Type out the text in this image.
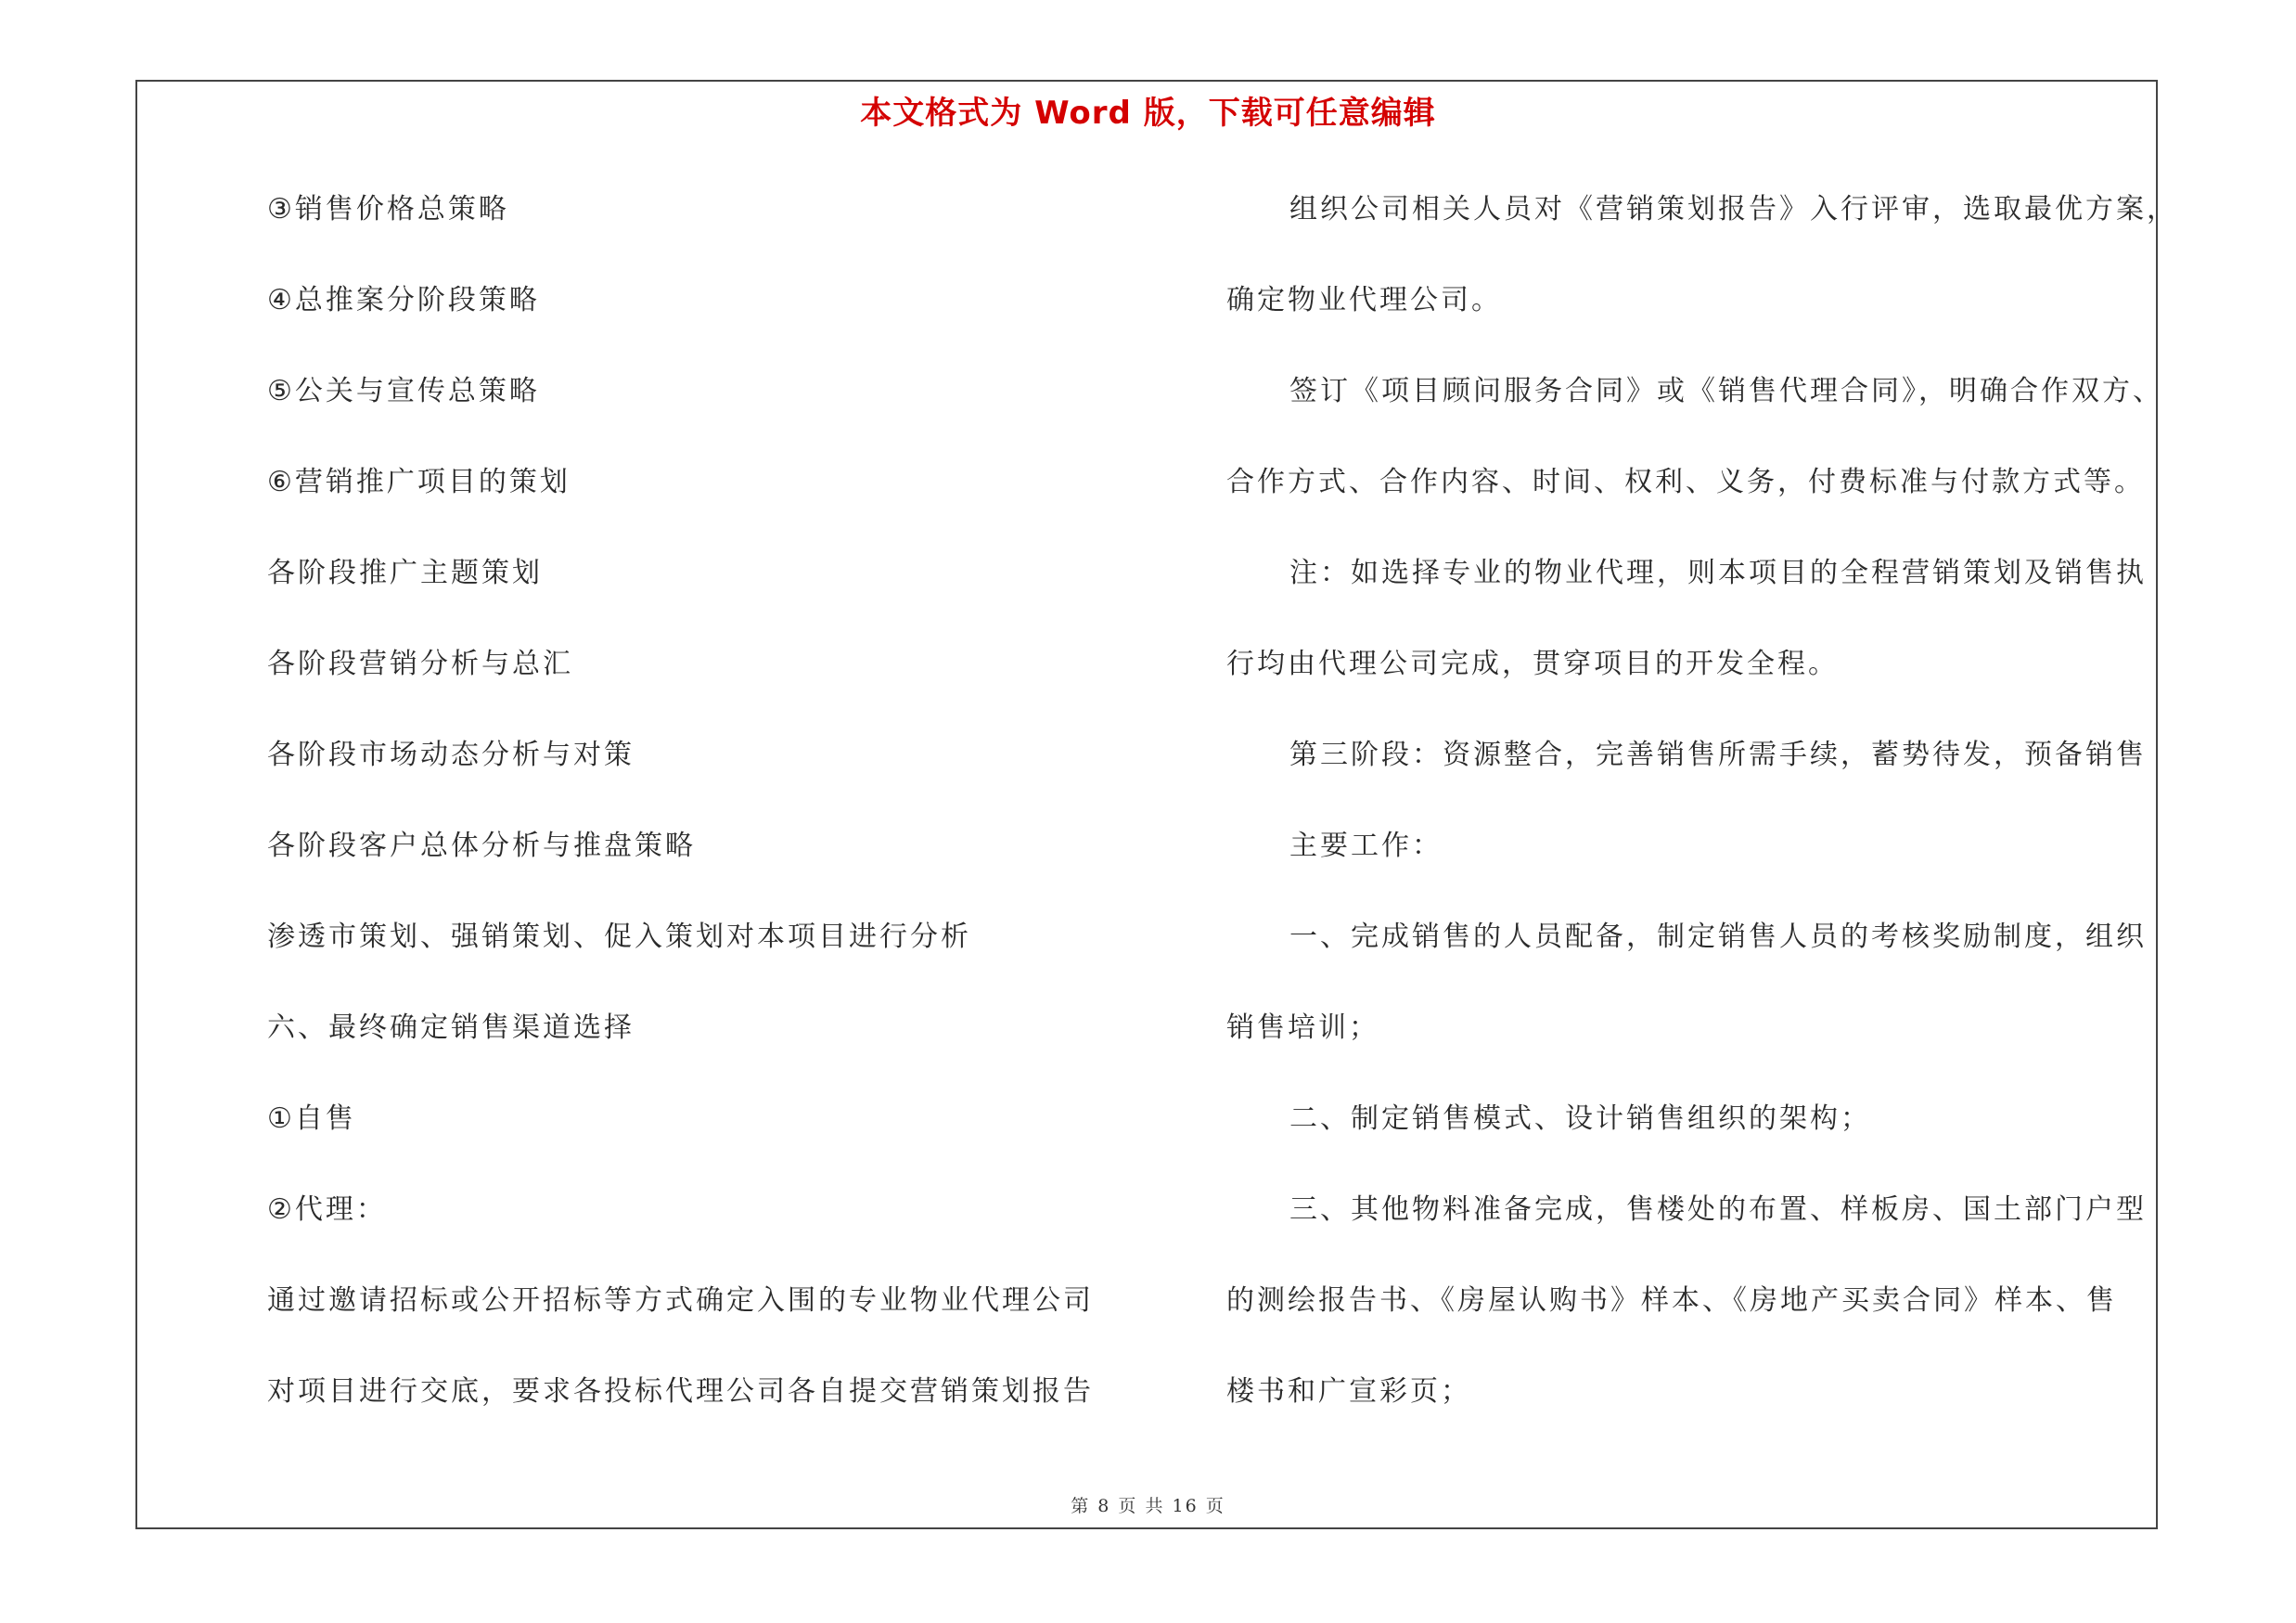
本文格式为 Word 版，下载可任意编辑
③销售价格总策略
④总推案分阶段策略
⑤公关与宣传总策略
⑥营销推广项目的策划
各阶段推广主题策划
各阶段营销分析与总汇
各阶段市场动态分析与对策
各阶段客户总体分析与推盘策略
渗透市策划、强销策划、促入策划对本项目进行分析
六、最终确定销售渠道选择
①自售
②代理：
通过邀请招标或公开招标等方式确定入围的专业物业代理公司
对项目进行交底，要求各投标代理公司各自提交营销策划报告
组织公司相关人员对《营销策划报告》入行评审，选取最优方案，
确定物业代理公司。
签订《项目顾问服务合同》或《销售代理合同》，明确合作双方、
合作方式、合作内容、时间、权利、义务，付费标准与付款方式等。
注：如选择专业的物业代理，则本项目的全程营销策划及销售执
行均由代理公司完成，贯穿项目的开发全程。
第三阶段：资源整合，完善销售所需手续，蓄势待发，预备销售
主要工作：
一、完成销售的人员配备，制定销售人员的考核奖励制度，组织
销售培训；
二、制定销售模式、设计销售组织的架构；
三、其他物料准备完成，售楼处的布置、样板房、国土部门户型
的测绘报告书、《房屋认购书》样本、《房地产买卖合同》样本、售
楼书和广宣彩页；
第 8 页 共 16 页
